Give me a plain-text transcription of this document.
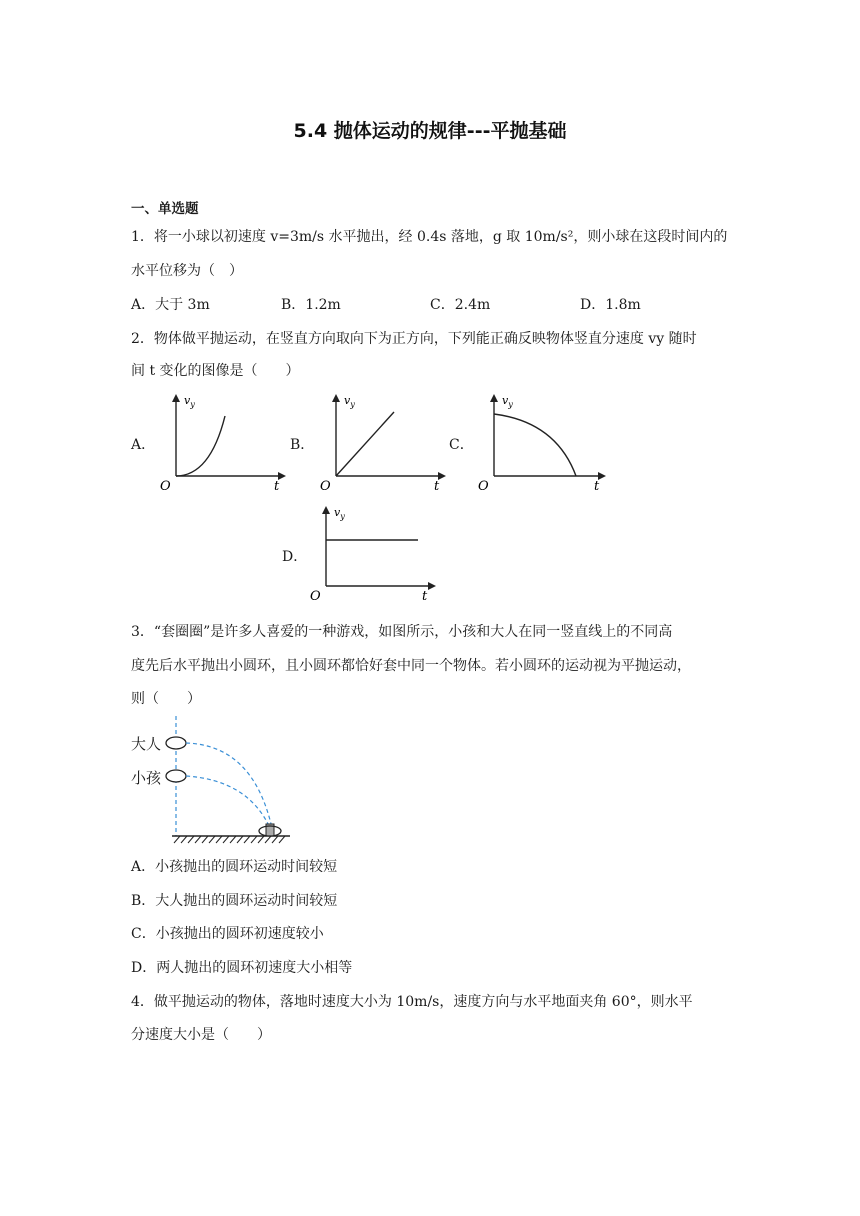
5.4 抛体运动的规律---平抛基础
一、单选题
1．将一小球以初速度 v=3m/s 水平抛出，经 0.4s 落地，g 取 10m/s²，则小球在这段时间内的
水平位移为（　）
A．大于 3m	B．1.2m	C．2.4m	D．1.8m
2．物体做平抛运动，在竖直方向取向下为正方向，下列能正确反映物体竖直分速度 vy 随时
间 t 变化的图像是（　　）
A．	B．	C．
D．
$v_y$
t
O
$v_y$
t
O
$v_y$
t
O
$v_y$
t
O
3．“套圈圈”是许多人喜爱的一种游戏，如图所示，小孩和大人在同一竖直线上的不同高
度先后水平抛出小圆环，且小圆环都恰好套中同一个物体。若小圆环的运动视为平抛运动，
则（　　）
大人
小孩
A．小孩抛出的圆环运动时间较短
B．大人抛出的圆环运动时间较短
C．小孩抛出的圆环初速度较小
D．两人抛出的圆环初速度大小相等
4．做平抛运动的物体，落地时速度大小为 10m/s，速度方向与水平地面夹角 60°，则水平
分速度大小是（　　）
